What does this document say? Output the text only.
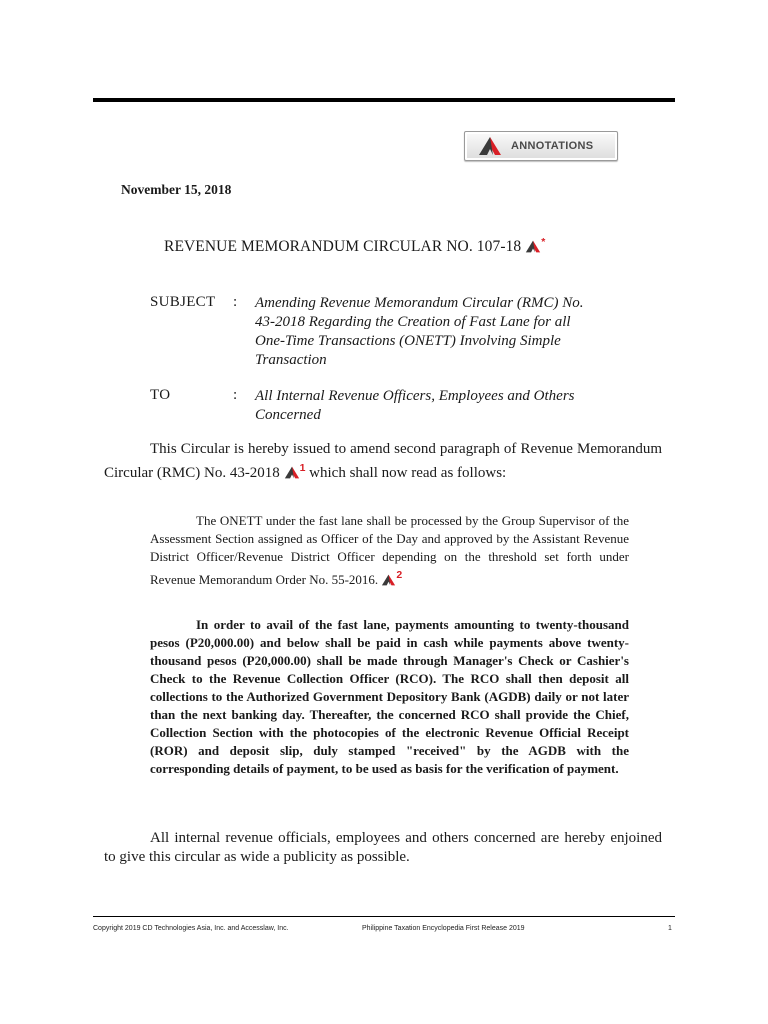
ANNOTATIONS
November 15, 2018
REVENUE MEMORANDUM CIRCULAR NO. 107-18 *
SUBJECT : Amending Revenue Memorandum Circular (RMC) No.
43-2018 Regarding the Creation of Fast Lane for all
One-Time Transactions (ONETT) Involving Simple
Transaction
TO	: All Internal Revenue Officers, Employees and Others
Concerned
This Circular is hereby issued to amend second paragraph of Revenue Memorandum Circular (RMC) No. 43-2018 $^1$ which shall now read as follows:
The ONETT under the fast lane shall be processed by the Group Supervisor of the Assessment Section assigned as Officer of the Day and approved by the Assistant Revenue District Officer/Revenue District Officer depending on the threshold set forth under Revenue Memorandum Order No. 55-2016. $^2$
In order to avail of the fast lane, payments amounting to twenty-thousand pesos (P20,000.00) and below shall be paid in cash while payments above twenty-thousand pesos (P20,000.00) shall be made through Manager's Check or Cashier's Check to the Revenue Collection Officer (RCO). The RCO shall then deposit all collections to the Authorized Government Depository Bank (AGDB) daily or not later than the next banking day. Thereafter, the concerned RCO shall provide the Chief, Collection Section with the photocopies of the electronic Revenue Official Receipt (ROR) and deposit slip, duly stamped "received" by the AGDB with the corresponding details of payment, to be used as basis for the verification of payment.
All internal revenue officials, employees and others concerned are hereby enjoined to give this circular as wide a publicity as possible.
Copyright 2019 CD Technologies Asia, Inc. and Accesslaw, Inc.	Philippine Taxation Encyclopedia First Release 2019	1
